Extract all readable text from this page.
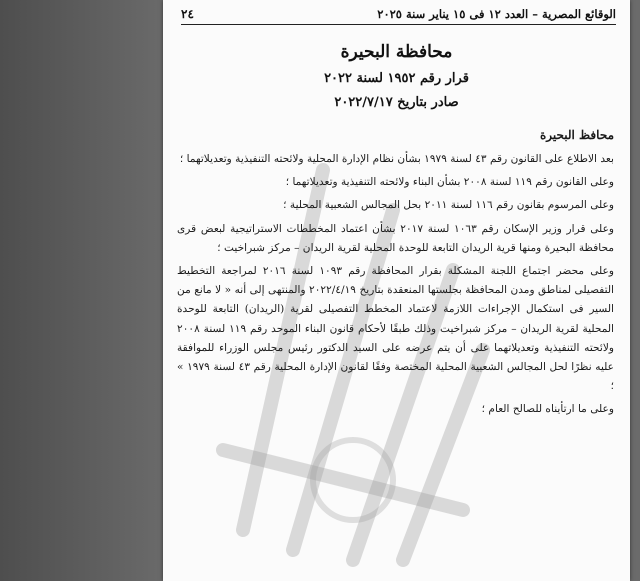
الوقائع المصرية – العدد ١٢ فى ١٥ يناير سنة ٢٠٢٥
٢٤
محافظة البحيرة
قرار رقم ١٩٥٢ لسنة ٢٠٢٢
صادر بتاريخ ٢٠٢٢/٧/١٧
محافظ البحيرة

بعد الاطلاع على القانون رقم ٤٣ لسنة ١٩٧٩ بشأن نظام الإدارة المحلية ولائحته التنفيذية وتعديلاتهما ؛

وعلى القانون رقم ١١٩ لسنة ٢٠٠٨ بشأن البناء ولائحته التنفيذية وتعديلاتهما ؛

وعلى المرسوم بقانون رقم ١١٦ لسنة ٢٠١١ بحل المجالس الشعبية المحلية ؛

وعلى قرار وزير الإسكان رقم ١٠٦٣ لسنة ٢٠١٧ بشأن اعتماد المخططات الاستراتيجية لبعض قرى محافظة البحيرة ومنها قرية الريدان التابعة للوحدة المحلية لقرية الريدان – مركز شبراخيت ؛

وعلى محضر اجتماع اللجنة المشكلة بقرار المحافظة رقم ١٠٩٣ لسنة ٢٠١٦ لمراجعة التخطيط التفصيلى لمناطق ومدن المحافظة بجلستها المنعقدة بتاريخ ٢٠٢٢/٤/١٩ والمنتهى إلى أنه « لا مانع من السير فى استكمال الإجراءات اللازمة لاعتماد المخطط التفصيلى لقرية (الريدان) التابعة للوحدة المحلية لقرية الريدان – مركز شبراخيت وذلك طبقًا لأحكام قانون البناء الموحد رقم ١١٩ لسنة ٢٠٠٨ ولائحته التنفيذية وتعديلاتهما على أن يتم عرضه على السيد الدكتور رئيس مجلس الوزراء للموافقة عليه نظرًا لحل المجالس الشعبية المحلية المختصة وفقًا لقانون الإدارة المحلية رقم ٤٣ لسنة ١٩٧٩ » ؛

وعلى ما ارتأيناه للصالح العام ؛
